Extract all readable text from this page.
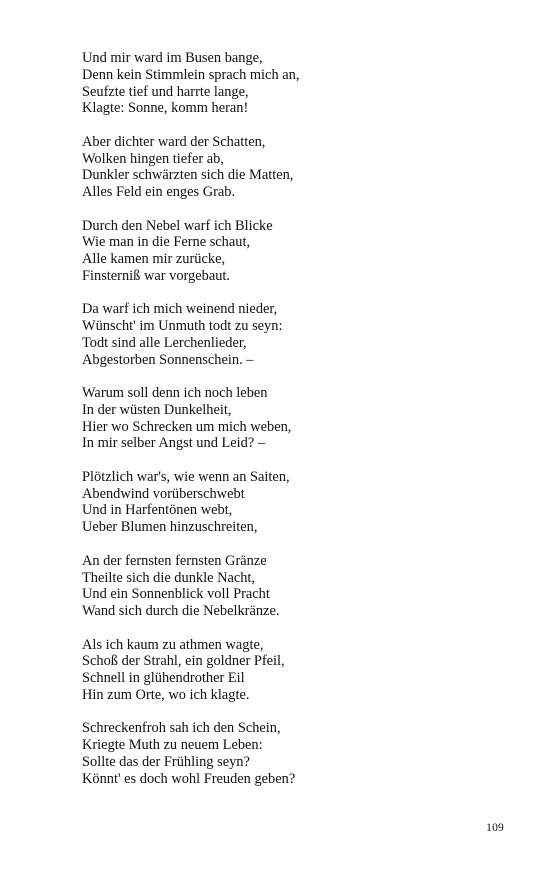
Und mir ward im Busen bange,
Denn kein Stimmlein sprach mich an,
Seufzte tief und harrte lange,
Klagte: Sonne, komm heran!
Aber dichter ward der Schatten,
Wolken hingen tiefer ab,
Dunkler schwärzten sich die Matten,
Alles Feld ein enges Grab.
Durch den Nebel warf ich Blicke
Wie man in die Ferne schaut,
Alle kamen mir zurücke,
Finsterniß war vorgebaut.
Da warf ich mich weinend nieder,
Wünscht' im Unmuth todt zu seyn:
Todt sind alle Lerchenlieder,
Abgestorben Sonnenschein. –
Warum soll denn ich noch leben
In der wüsten Dunkelheit,
Hier wo Schrecken um mich weben,
In mir selber Angst und Leid? –
Plötzlich war's, wie wenn an Saiten,
Abendwind vorüberschwebt
Und in Harfentönen webt,
Ueber Blumen hinzuschreiten,
An der fernsten fernsten Gränze
Theilte sich die dunkle Nacht,
Und ein Sonnenblick voll Pracht
Wand sich durch die Nebelkränze.
Als ich kaum zu athmen wagte,
Schoß der Strahl, ein goldner Pfeil,
Schnell in glühendrother Eil
Hin zum Orte, wo ich klagte.
Schreckenfroh sah ich den Schein,
Kriegte Muth zu neuem Leben:
Sollte das der Frühling seyn?
Könnt' es doch wohl Freuden geben?
109
